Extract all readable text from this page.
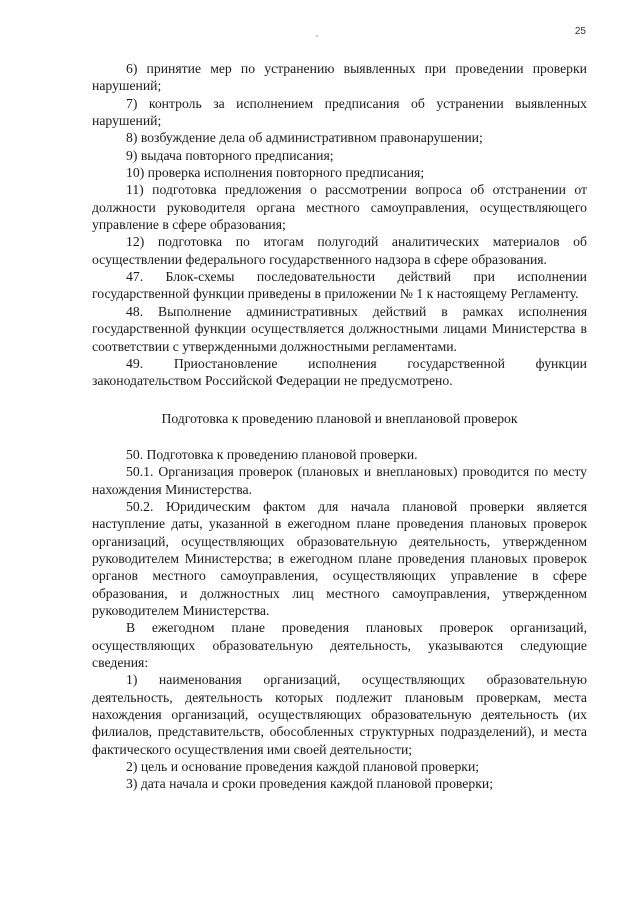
25

6) принятие мер по устранению выявленных при проведении проверки нарушений;

7) контроль за исполнением предписания об устранении выявленных нарушений;

8) возбуждение дела об административном правонарушении;

9) выдача повторного предписания;

10) проверка исполнения повторного предписания;

11) подготовка предложения о рассмотрении вопроса об отстранении от должности руководителя органа местного самоуправления, осуществляющего управление в сфере образования;

12) подготовка по итогам полугодий аналитических материалов об осуществлении федерального государственного надзора в сфере образования.

47. Блок-схемы последовательности действий при исполнении государственной функции приведены в приложении № 1 к настоящему Регламенту.

48. Выполнение административных действий в рамках исполнения государственной функции осуществляется должностными лицами Министерства в соответствии с утвержденными должностными регламентами.

49. Приостановление исполнения государственной функции законодательством Российской Федерации не предусмотрено.

Подготовка к проведению плановой и внеплановой проверок

50. Подготовка к проведению плановой проверки.

50.1. Организация проверок (плановых и внеплановых) проводится по месту нахождения Министерства.

50.2. Юридическим фактом для начала плановой проверки является наступление даты, указанной в ежегодном плане проведения плановых проверок организаций, осуществляющих образовательную деятельность, утвержденном руководителем Министерства; в ежегодном плане проведения плановых проверок органов местного самоуправления, осуществляющих управление в сфере образования, и должностных лиц местного самоуправления, утвержденном руководителем Министерства.

В ежегодном плане проведения плановых проверок организаций, осуществляющих образовательную деятельность, указываются следующие сведения:

1) наименования организаций, осуществляющих образовательную деятельность, деятельность которых подлежит плановым проверкам, места нахождения организаций, осуществляющих образовательную деятельность (их филиалов, представительств, обособленных структурных подразделений), и места фактического осуществления ими своей деятельности;

2) цель и основание проведения каждой плановой проверки;

3) дата начала и сроки проведения каждой плановой проверки;
